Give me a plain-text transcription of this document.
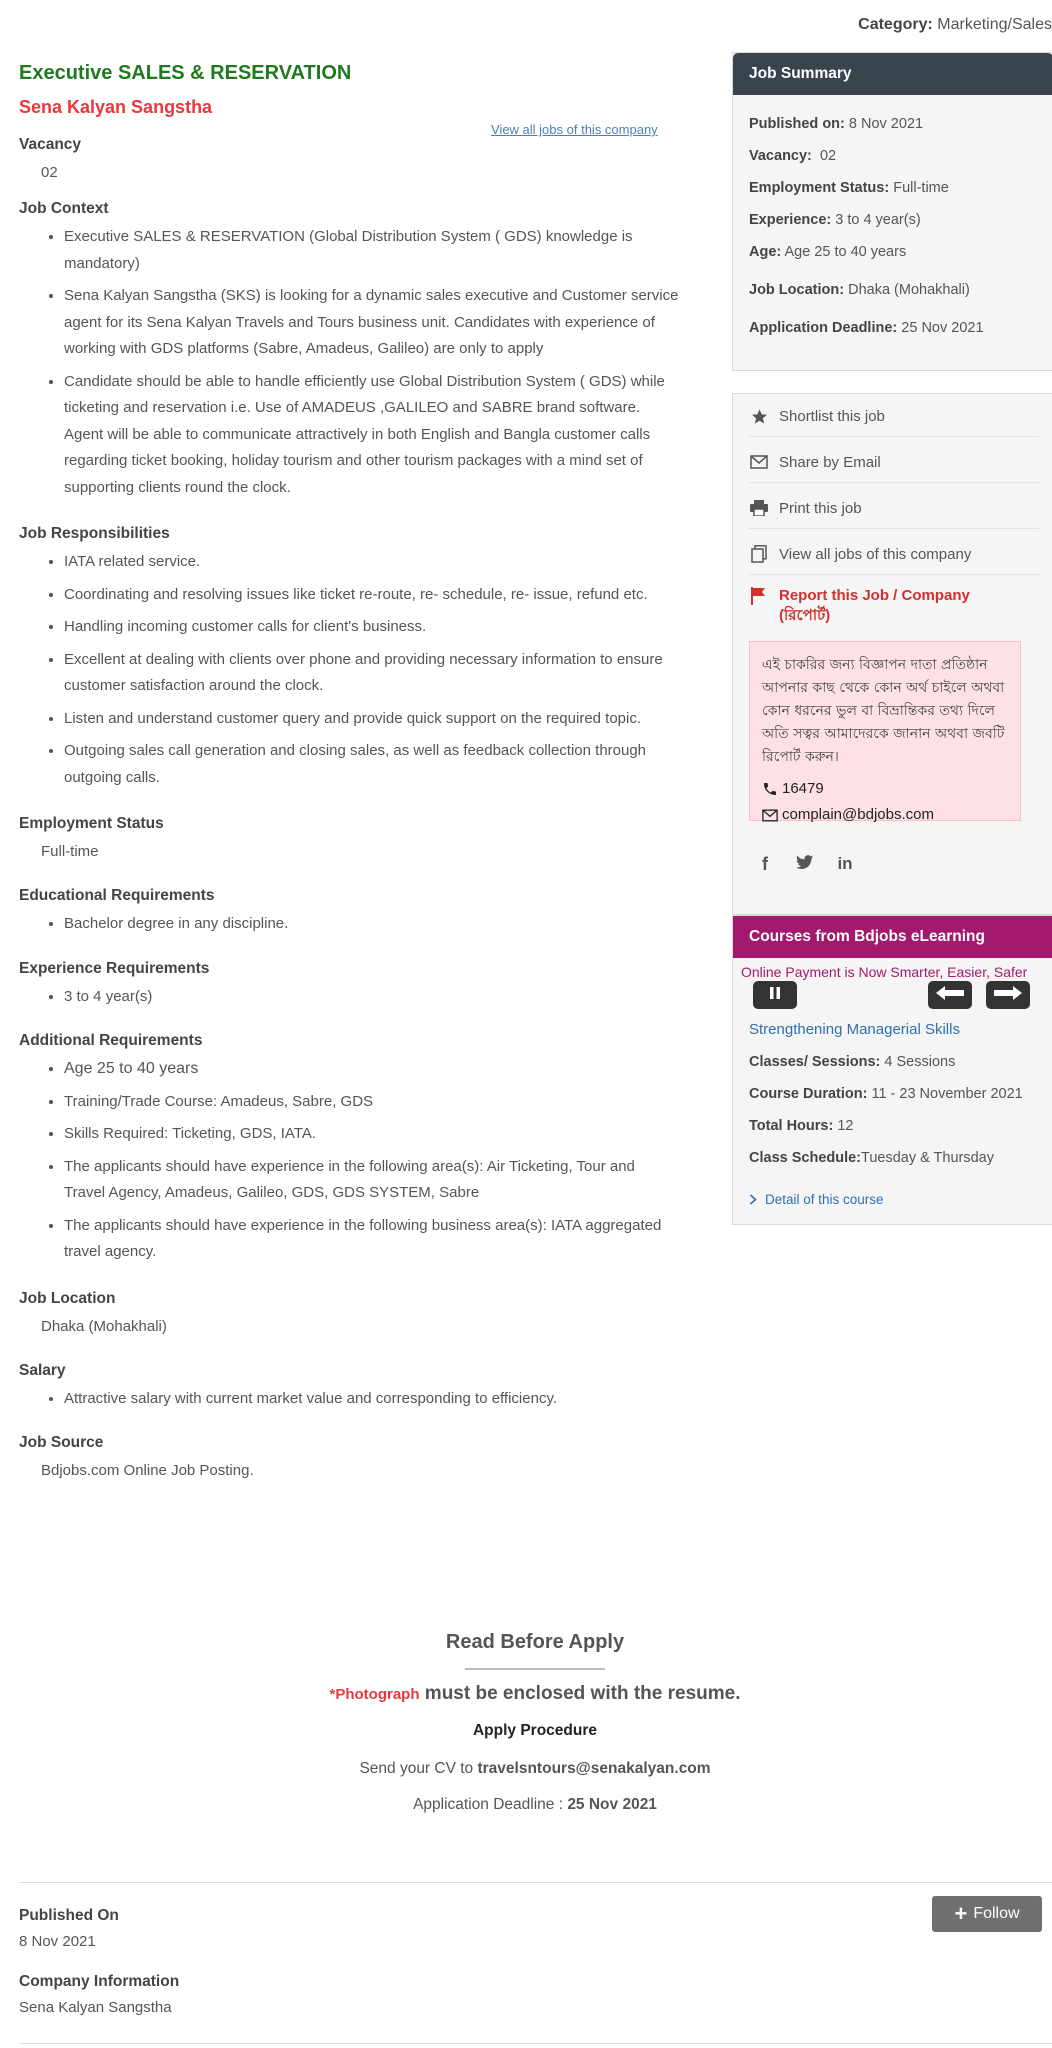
Category: Marketing/Sales
Executive SALES & RESERVATION
Sena Kalyan Sangstha
View all jobs of this company
Vacancy
02
Job Context
• Executive SALES & RESERVATION (Global Distribution System ( GDS) knowledge is mandatory)
• Sena Kalyan Sangstha (SKS) is looking for a dynamic sales executive and Customer service agent for its Sena Kalyan Travels and Tours business unit. Candidates with experience of working with GDS platforms (Sabre, Amadeus, Galileo) are only to apply
• Candidate should be able to handle efficiently use Global Distribution System ( GDS) while ticketing and reservation i.e. Use of AMADEUS ,GALILEO and SABRE brand software. Agent will be able to communicate attractively in both English and Bangla customer calls regarding ticket booking, holiday tourism and other tourism packages with a mind set of supporting clients round the clock.
Job Responsibilities
• IATA related service.
• Coordinating and resolving issues like ticket re-route, re- schedule, re- issue, refund etc.
• Handling incoming customer calls for client's business.
• Excellent at dealing with clients over phone and providing necessary information to ensure customer satisfaction around the clock.
• Listen and understand customer query and provide quick support on the required topic.
• Outgoing sales call generation and closing sales, as well as feedback collection through outgoing calls.
Employment Status
Full-time
Educational Requirements
• Bachelor degree in any discipline.
Experience Requirements
• 3 to 4 year(s)
Additional Requirements
• Age 25 to 40 years
• Training/Trade Course: Amadeus, Sabre, GDS
• Skills Required: Ticketing, GDS, IATA.
• The applicants should have experience in the following area(s): Air Ticketing, Tour and Travel Agency, Amadeus, Galileo, GDS, GDS SYSTEM, Sabre
• The applicants should have experience in the following business area(s): IATA aggregated travel agency.
Job Location
Dhaka (Mohakhali)
Salary
• Attractive salary with current market value and corresponding to efficiency.
Job Source
Bdjobs.com Online Job Posting.
Read Before Apply
*Photograph must be enclosed with the resume.
Apply Procedure
Send your CV to travelsntours@senakalyan.com
Application Deadline : 25 Nov 2021
Published On
8 Nov 2021
Company Information
Sena Kalyan Sangstha
+ Follow
Job Summary
Published on: 8 Nov 2021
Vacancy: 02
Employment Status: Full-time
Experience: 3 to 4 year(s)
Age: Age 25 to 40 years
Job Location: Dhaka (Mohakhali)
Application Deadline: 25 Nov 2021
Shortlist this job
Share by Email
Print this job
View all jobs of this company
Report this Job / Company (রিপোর্ট)
এই চাকরির জন্য বিজ্ঞাপন দাতা প্রতিষ্ঠান আপনার কাছ থেকে কোন অর্থ চাইলে অথবা কোন ধরনের ভুল বা বিভ্রান্তিকর তথ্য দিলে অতি সত্বর আমাদেরকে জানান অথবা জবটি রিপোর্ট করুন।
16479
complain@bdjobs.com
f	in
Courses from Bdjobs eLearning
Online Payment is Now Smarter, Easier, Safer
Strengthening Managerial Skills
Classes/ Sessions: 4 Sessions
Course Duration: 11 - 23 November 2021
Total Hours: 12
Class Schedule:Tuesday & Thursday
Detail of this course
